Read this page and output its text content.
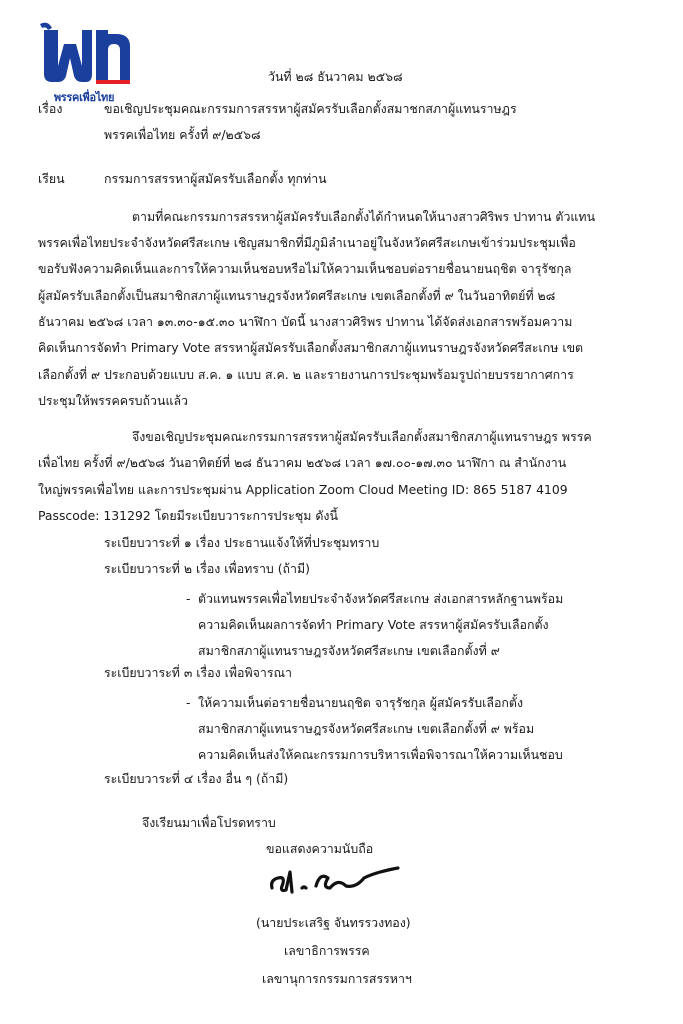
พรรคเพื่อไทย
วันที่ ๒๘ ธันวาคม ๒๕๖๘
เรื่อง	ขอเชิญประชุมคณะกรรมการสรรหาผู้สมัครรับเลือกตั้งสมาชกสภาผู้แทนราษฎร
พรรคเพื่อไทย ครั้งที่ ๙/๒๕๖๘
เรียน	กรรมการสรรหาผู้สมัครรับเลือกตั้ง ทุกท่าน
ตามที่คณะกรรมการสรรหาผู้สมัครรับเลือกตั้งได้กำหนดให้นางสาวศิริพร ปาทาน ตัวแทน
พรรคเพื่อไทยประจำจังหวัดศรีสะเกษ เชิญสมาชิกที่มีภูมิลำเนาอยู่ในจังหวัดศรีสะเกษเข้าร่วมประชุมเพื่อ
ขอรับฟังความคิดเห็นและการให้ความเห็นชอบหรือไม่ให้ความเห็นชอบต่อรายชื่อนายนฤชิต จารุรัชกุล
ผู้สมัครรับเลือกตั้งเป็นสมาชิกสภาผู้แทนราษฎรจังหวัดศรีสะเกษ เขตเลือกตั้งที่ ๙ ในวันอาทิตย์ที่ ๒๘
ธันวาคม ๒๕๖๘ เวลา ๑๓.๓๐-๑๕.๓๐ นาฬิกา บัดนี้ นางสาวศิริพร ปาทาน ได้จัดส่งเอกสารพร้อมความ
คิดเห็นการจัดทำ Primary Vote สรรหาผู้สมัครรับเลือกตั้งสมาชิกสภาผู้แทนราษฎรจังหวัดศรีสะเกษ เขต
เลือกตั้งที่ ๙ ประกอบด้วยแบบ ส.ค. ๑ แบบ ส.ค. ๒ และรายงานการประชุมพร้อมรูปถ่ายบรรยากาศการ
ประชุมให้พรรคครบถ้วนแล้ว
จึงขอเชิญประชุมคณะกรรมการสรรหาผู้สมัครรับเลือกตั้งสมาชิกสภาผู้แทนราษฎร พรรค
เพื่อไทย ครั้งที่ ๙/๒๕๖๘ วันอาทิตย์ที่ ๒๘ ธันวาคม ๒๕๖๘ เวลา ๑๗.๐๐-๑๗.๓๐ นาฬิกา ณ สำนักงาน
ใหญ่พรรคเพื่อไทย และการประชุมผ่าน Application Zoom Cloud Meeting ID: 865 5187 4109
Passcode: 131292 โดยมีระเบียบวาระการประชุม ดังนี้
ระเบียบวาระที่ ๑ เรื่อง ประธานแจ้งให้ที่ประชุมทราบ
ระเบียบวาระที่ ๒ เรื่อง เพื่อทราบ (ถ้ามี)
- ตัวแทนพรรคเพื่อไทยประจำจังหวัดศรีสะเกษ ส่งเอกสารหลักฐานพร้อม
ความคิดเห็นผลการจัดทำ Primary Vote สรรหาผู้สมัครรับเลือกตั้ง
สมาชิกสภาผู้แทนราษฎรจังหวัดศรีสะเกษ เขตเลือกตั้งที่ ๙
ระเบียบวาระที่ ๓ เรื่อง เพื่อพิจารณา
- ให้ความเห็นต่อรายชื่อนายนฤชิต จารุรัชกุล ผู้สมัครรับเลือกตั้ง
สมาชิกสภาผู้แทนราษฎรจังหวัดศรีสะเกษ เขตเลือกตั้งที่ ๙ พร้อม
ความคิดเห็นส่งให้คณะกรรมการบริหารเพื่อพิจารณาให้ความเห็นชอบ
ระเบียบวาระที่ ๔ เรื่อง อื่น ๆ (ถ้ามี)
จึงเรียนมาเพื่อโปรดทราบ
ขอแสดงความนับถือ
(นายประเสริฐ จันทรรวงทอง)
เลขาธิการพรรค
เลขานุการกรรมการสรรหาฯ
